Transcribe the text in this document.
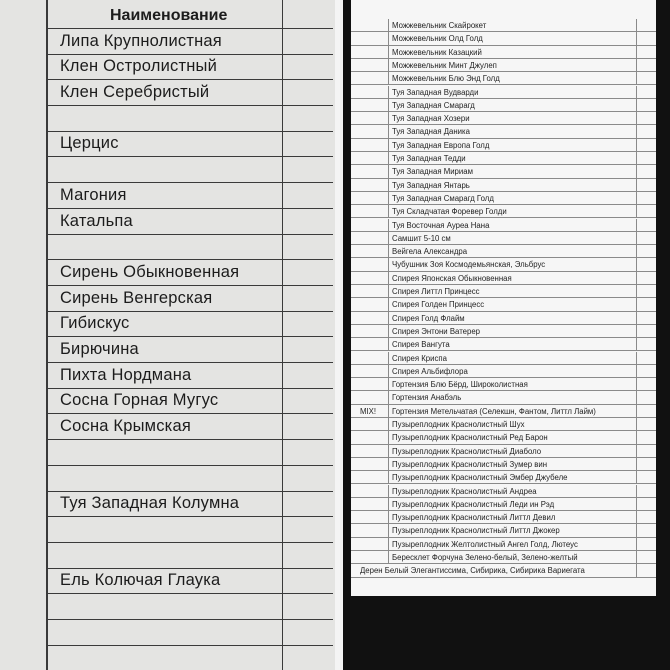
Наименование
Липа Крупнолистная
Клен Остролистный
Клен Серебристый
Церцис
Магония
Катальпа
Сирень Обыкновенная
Сирень Венгерская
Гибискус
Бирючина
Пихта Нордмана
Сосна Горная Мугус
Сосна Крымская
Туя Западная Колумна
Ель Колючая Глаука
Можжевельник Скайрокет
Можжевельник Олд Голд
Можжевельник Казацкий
Можжевельник Минт Джулеп
Можжевельник Блю Энд Голд
Туя Западная Вудварди
Туя Западная Смарагд
Туя Западная Хозери
Туя Западная Даника
Туя Западная Европа Голд
Туя Западная Тедди
Туя Западная Мириам
Туя Западная Янтарь
Туя Западная Смарагд Голд
Туя Складчатая Форевер Голди
Туя Восточная Ауреа Нана
Самшит 5-10 см
Вейгела Александра
Чубушник Зоя Космодемьянская, Эльбрус
Спирея Японская Обыкновенная
Спирея Литтл Принцесс
Спирея Голден Принцесс
Спирея Голд Флайм
Спирея Энтони Ватерер
Спирея Вангута
Спирея Криспа
Спирея Альбифлора
Гортензия Блю Бёрд, Широколистная
Гортензия Анабэль
MIX! Гортензия Метельчатая (Селекшн, Фантом, Литтл Лайм)
Пузыреплодник Краснолистный Шух
Пузыреплодник Краснолистный Ред Барон
Пузыреплодник Краснолистный Диаболо
Пузыреплодник Краснолистный Зумер вин
Пузыреплодник Краснолистный Эмбер Джубеле
Пузыреплодник Краснолистный Андреа
Пузыреплодник Краснолистный Леди ин Рэд
Пузыреплодник Краснолистный Литтл Девил
Пузыреплодник Краснолистный Литтл Джокер
Пузыреплодник Желтолистный Ангел Голд, Лютеус
Бересклет Форчуна Зелено-белый, Зелено-желтый
Дерен Белый Элегантиссима, Сибирика, Сибирика Вариегата
